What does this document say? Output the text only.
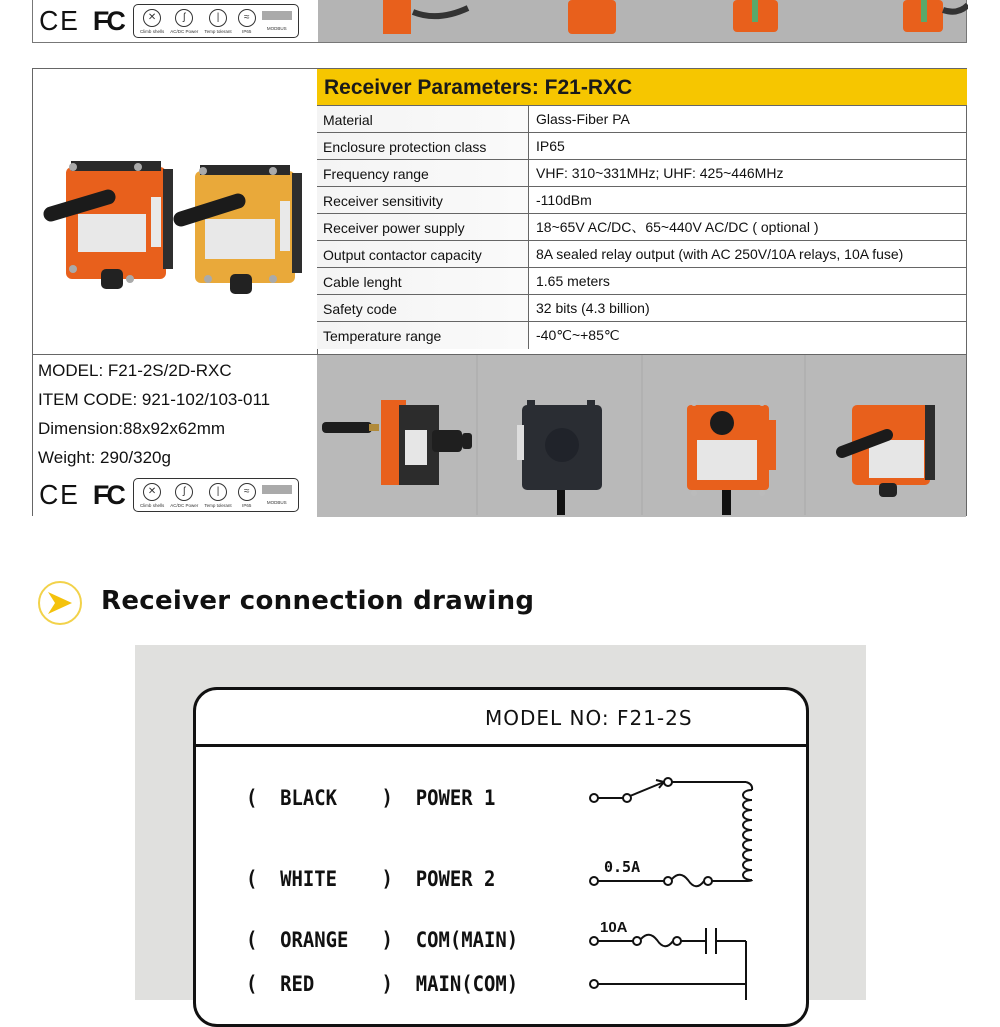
CE FC	✕
Climb shells
ʃ
AC/DC Power
|
Temp tolerant
≈
IP65	MODBUS
Receiver Parameters: F21-RXC
Material	Glass-Fiber PA
Enclosure protection class	IP65
Frequency range	VHF: 310~331MHz; UHF: 425~446MHz
Receiver sensitivity	-110dBm
Receiver power supply	18~65V AC/DC、65~440V AC/DC ( optional )
Output contactor capacity	8A sealed relay output (with AC 250V/10A relays, 10A fuse)
Cable lenght	1.65 meters
Safety code	32 bits (4.3 billion)
Temperature range	-40℃~+85℃
MODEL: F21-2S/2D-RXC
ITEM CODE: 921-102/103-011
Dimension:88x92x62mm
Weight: 290/320g
CE FC	✕
Climb shells
ʃ
AC/DC Power
|
Temp tolerant
≈
IP65	MODBUS
Receiver connection drawing
MODEL NO: F21-2S
( BLACK ) POWER 1
( WHITE ) POWER 2
( ORANGE ) COM(MAIN)
( RED	) MAIN(COM)
0.5A
10A
